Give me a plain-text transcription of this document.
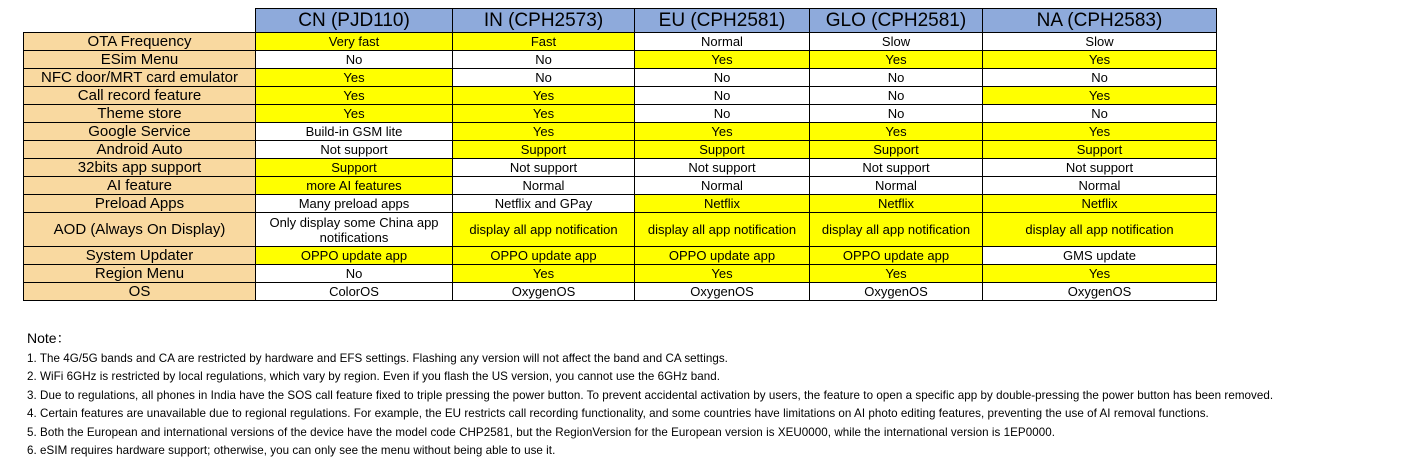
	CN (PJD110)	IN (CPH2573)	EU (CPH2581)	GLO (CPH2581)	NA (CPH2583)
OTA Frequency	Very fast	Fast	Normal	Slow	Slow
ESim Menu	No	No	Yes	Yes	Yes
NFC door/MRT card emulator	Yes	No	No	No	No
Call record feature	Yes	Yes	No	No	Yes
Theme store	Yes	Yes	No	No	No
Google Service	Build-in GSM lite	Yes	Yes	Yes	Yes
Android Auto	Not support	Support	Support	Support	Support
32bits app support	Support	Not support	Not support	Not support	Not support
AI feature	more AI features	Normal	Normal	Normal	Normal
Preload Apps	Many preload apps	Netflix and GPay	Netflix	Netflix	Netflix
AOD (Always On Display)	Only display some China app notifications	display all app notification	display all app notification	display all app notification	display all app notification
System Updater	OPPO update app	OPPO update app	OPPO update app	OPPO update app	GMS update
Region Menu	No	Yes	Yes	Yes	Yes
OS	ColorOS	OxygenOS	OxygenOS	OxygenOS	OxygenOS
Note：
1. The 4G/5G bands and CA are restricted by hardware and EFS settings. Flashing any version will not affect the band and CA settings.
2. WiFi 6GHz is restricted by local regulations, which vary by region. Even if you flash the US version, you cannot use the 6GHz band.
3. Due to regulations, all phones in India have the SOS call feature fixed to triple pressing the power button. To prevent accidental activation by users, the feature to open a specific app by double-pressing the power button has been removed.
4. Certain features are unavailable due to regional regulations. For example, the EU restricts call recording functionality, and some countries have limitations on AI photo editing features, preventing the use of AI removal functions.
5. Both the European and international versions of the device have the model code CHP2581, but the RegionVersion for the European version is XEU0000, while the international version is 1EP0000.
6. eSIM requires hardware support; otherwise, you can only see the menu without being able to use it.
